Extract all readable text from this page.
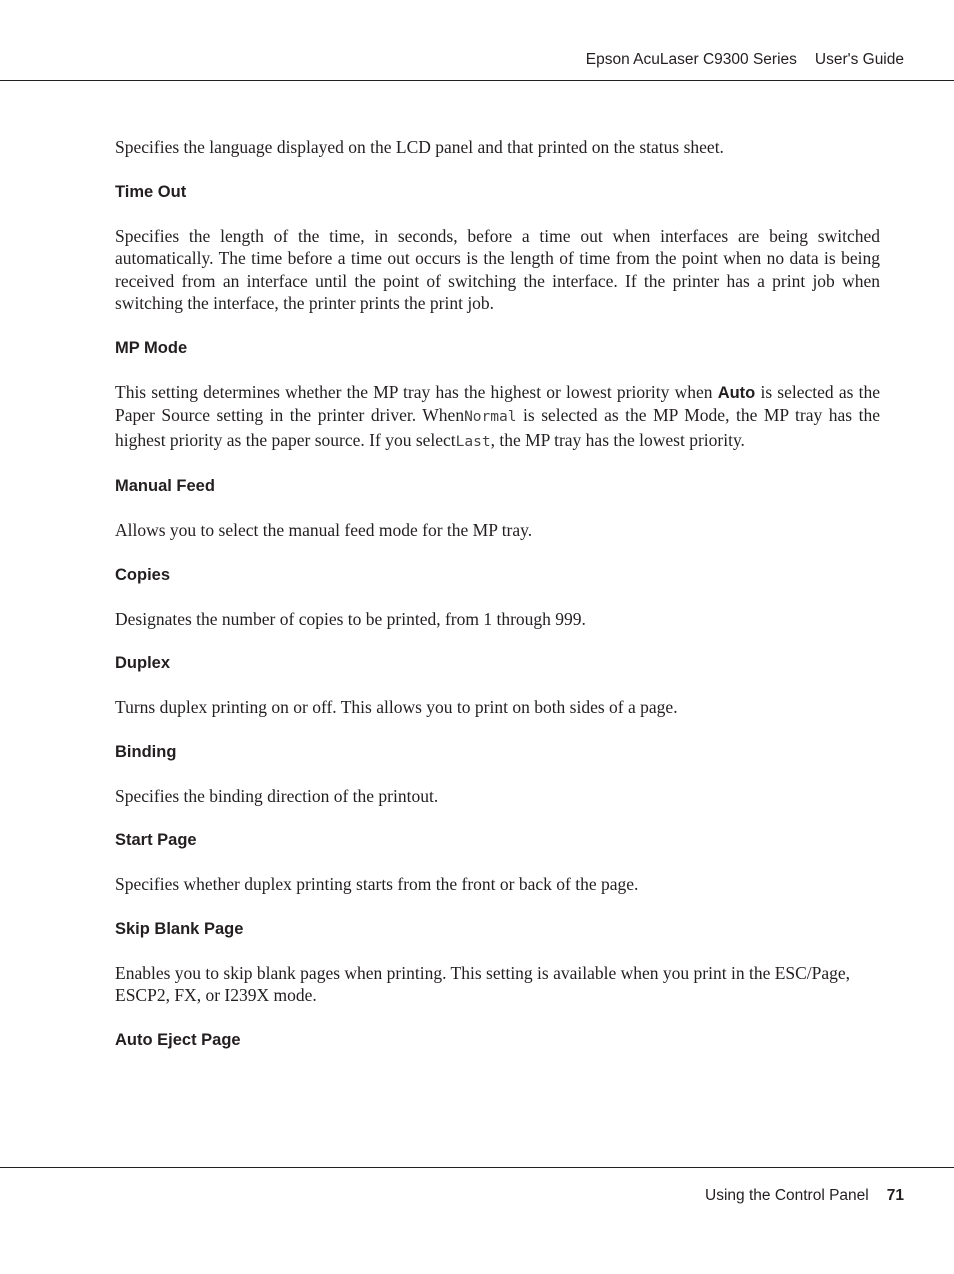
Epson AcuLaser C9300 Series User's Guide

Specifies the language displayed on the LCD panel and that printed on the status sheet.

Time Out

Specifies the length of the time, in seconds, before a time out when interfaces are being switched automatically. The time before a time out occurs is the length of time from the point when no data is being received from an interface until the point of switching the interface. If the printer has a print job when switching the interface, the printer prints the print job.

MP Mode

This setting determines whether the MP tray has the highest or lowest priority when Auto is selected as the Paper Source setting in the printer driver. WhenNormal is selected as the MP Mode, the MP tray has the highest priority as the paper source. If you selectLast, the MP tray has the lowest priority.

Manual Feed

Allows you to select the manual feed mode for the MP tray.

Copies

Designates the number of copies to be printed, from 1 through 999.

Duplex

Turns duplex printing on or off. This allows you to print on both sides of a page.

Binding

Specifies the binding direction of the printout.

Start Page

Specifies whether duplex printing starts from the front or back of the page.

Skip Blank Page

Enables you to skip blank pages when printing. This setting is available when you print in the ESC/Page, ESCP2, FX, or I239X mode.

Auto Eject Page
Using the Control Panel 71
